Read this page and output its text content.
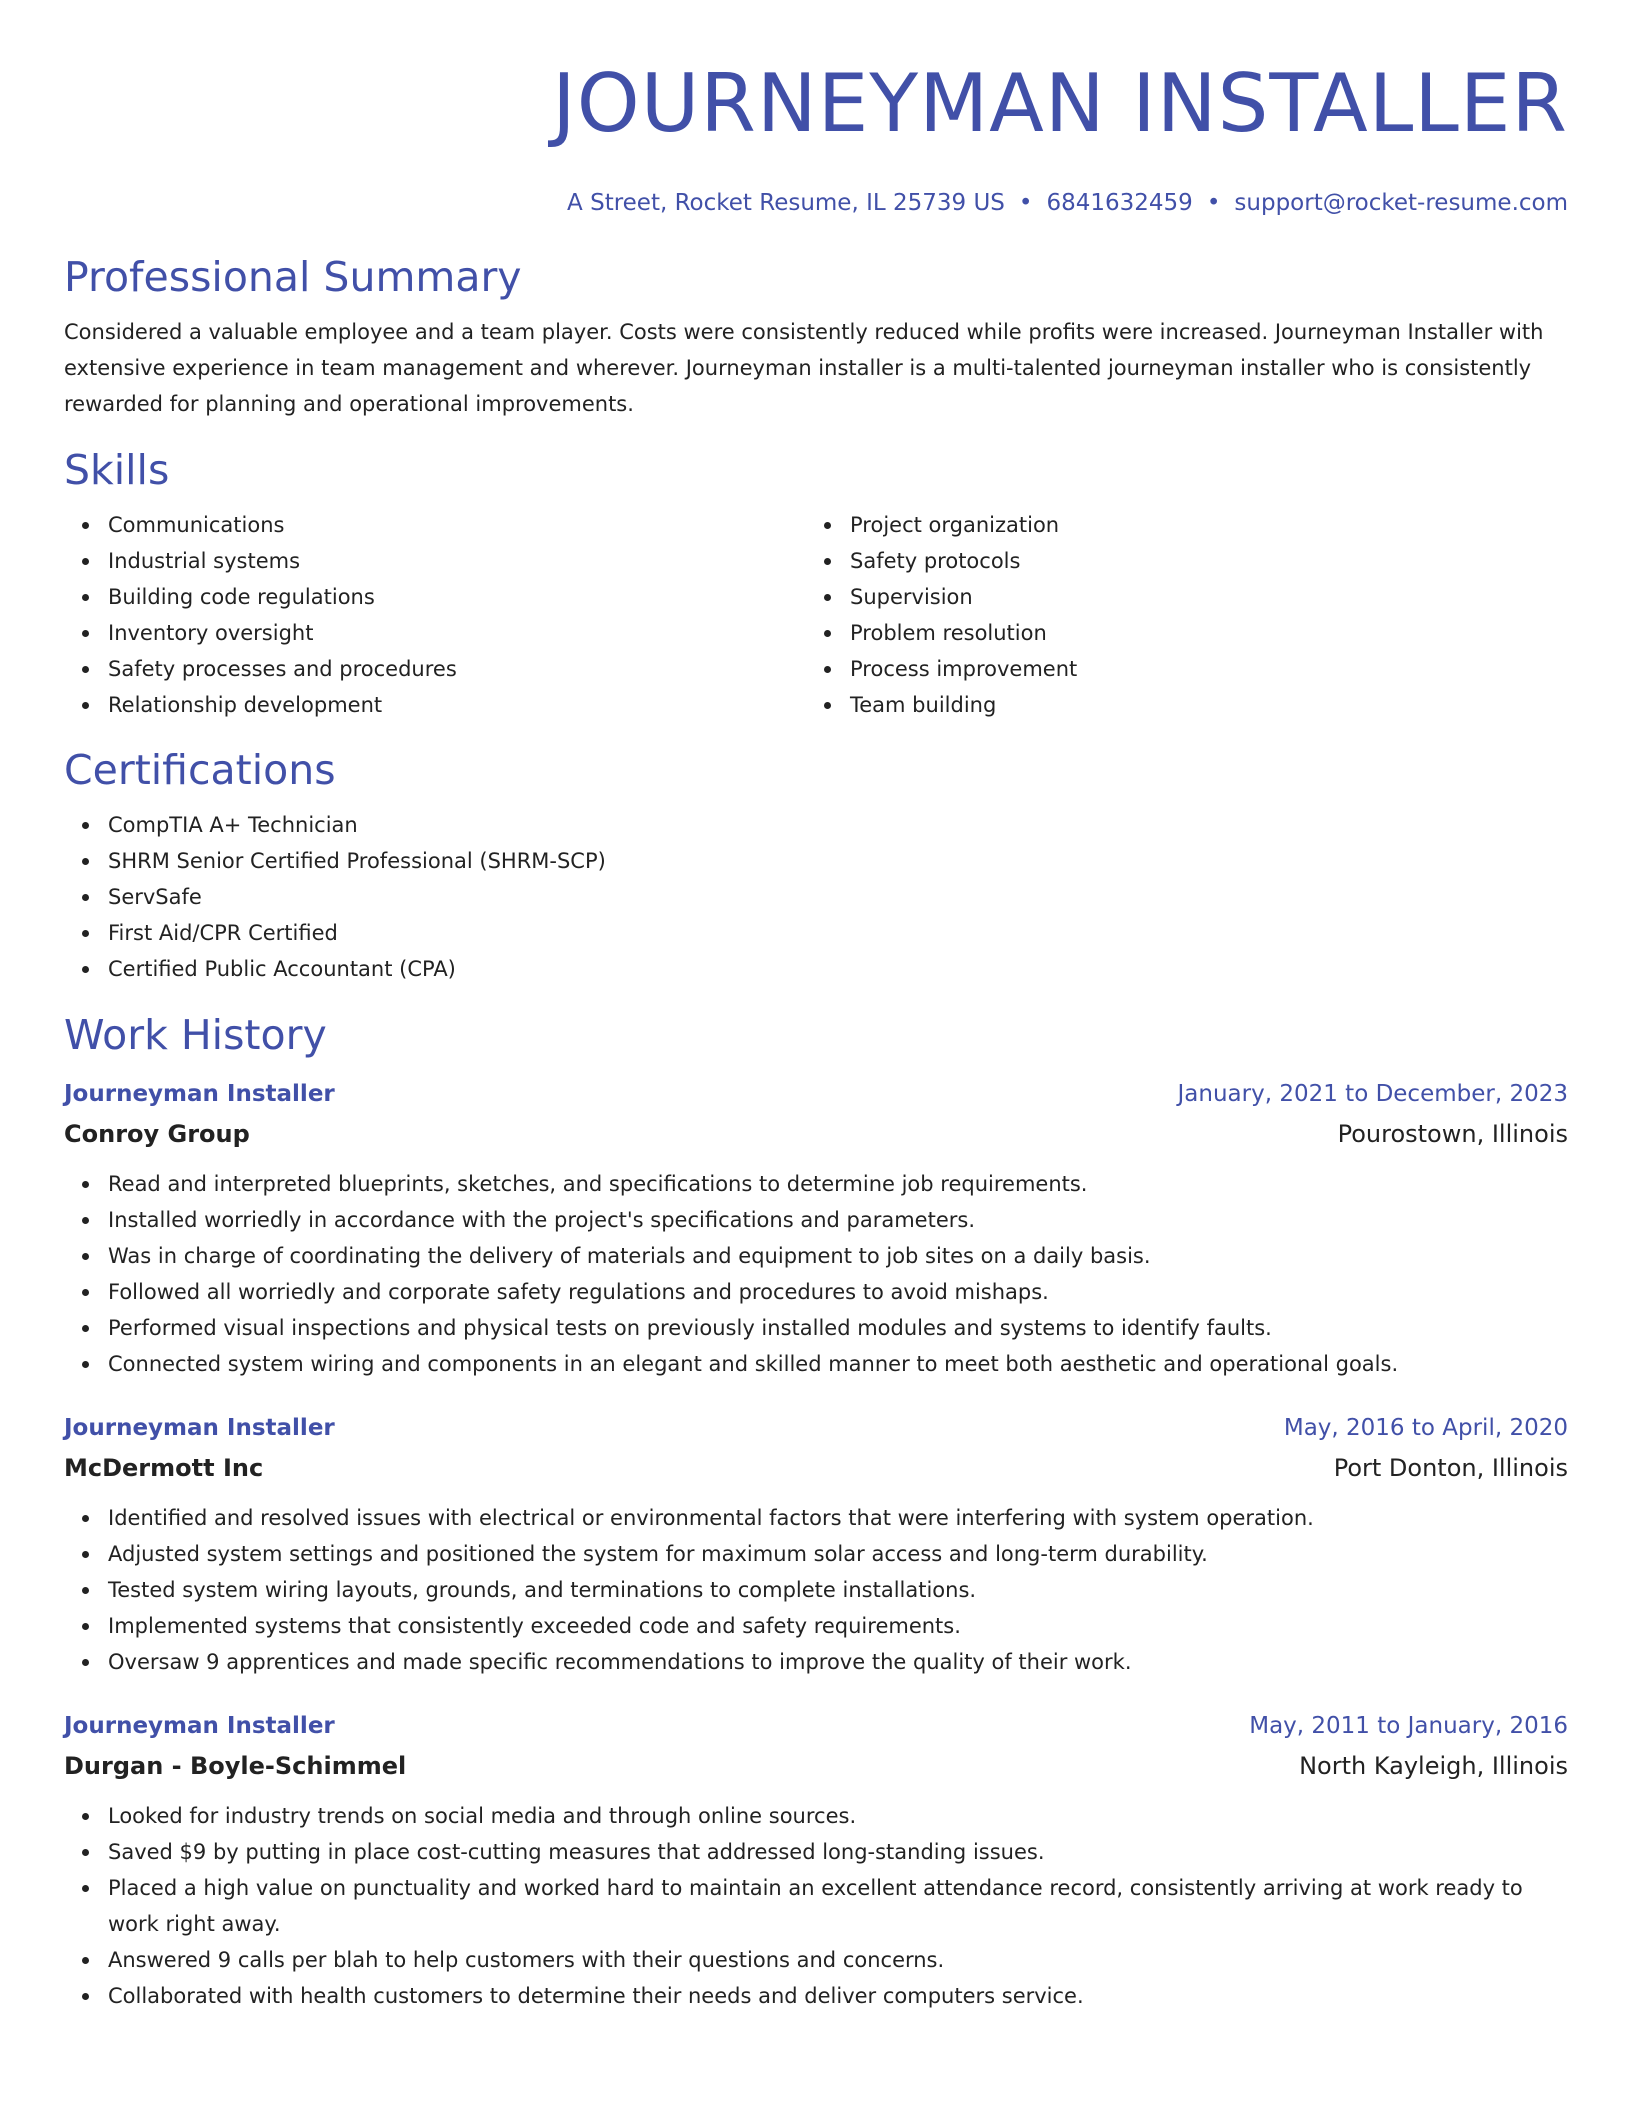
JOURNEYMAN INSTALLER
A Street, Rocket Resume, IL 25739 US • 6841632459 • support@rocket-resume.com
Professional Summary

Considered a valuable employee and a team player. Costs were consistently reduced while profits were increased. Journeyman Installer with extensive experience in team management and wherever. Journeyman installer is a multi-talented journeyman installer who is consistently rewarded for planning and operational improvements.

Skills
Communications
Industrial systems
Building code regulations
Inventory oversight
Safety processes and procedures
Relationship development
Project organization
Safety protocols
Supervision
Problem resolution
Process improvement
Team building
Certifications
CompTIA A+ Technician
SHRM Senior Certified Professional (SHRM-SCP)
ServSafe
First Aid/CPR Certified
Certified Public Accountant (CPA)
Work History
Journeyman Installer	January, 2021 to December, 2023
Conroy Group	Pourostown, Illinois
Read and interpreted blueprints, sketches, and specifications to determine job requirements.
Installed worriedly in accordance with the project's specifications and parameters.
Was in charge of coordinating the delivery of materials and equipment to job sites on a daily basis.
Followed all worriedly and corporate safety regulations and procedures to avoid mishaps.
Performed visual inspections and physical tests on previously installed modules and systems to identify faults.
Connected system wiring and components in an elegant and skilled manner to meet both aesthetic and operational goals.
Journeyman Installer	May, 2016 to April, 2020
McDermott Inc	Port Donton, Illinois
Identified and resolved issues with electrical or environmental factors that were interfering with system operation.
Adjusted system settings and positioned the system for maximum solar access and long-term durability.
Tested system wiring layouts, grounds, and terminations to complete installations.
Implemented systems that consistently exceeded code and safety requirements.
Oversaw 9 apprentices and made specific recommendations to improve the quality of their work.
Journeyman Installer	May, 2011 to January, 2016
Durgan - Boyle-Schimmel	North Kayleigh, Illinois
Looked for industry trends on social media and through online sources.
Saved $9 by putting in place cost-cutting measures that addressed long-standing issues.
Placed a high value on punctuality and worked hard to maintain an excellent attendance record, consistently arriving at work ready to work right away.
Answered 9 calls per blah to help customers with their questions and concerns.
Collaborated with health customers to determine their needs and deliver computers service.
